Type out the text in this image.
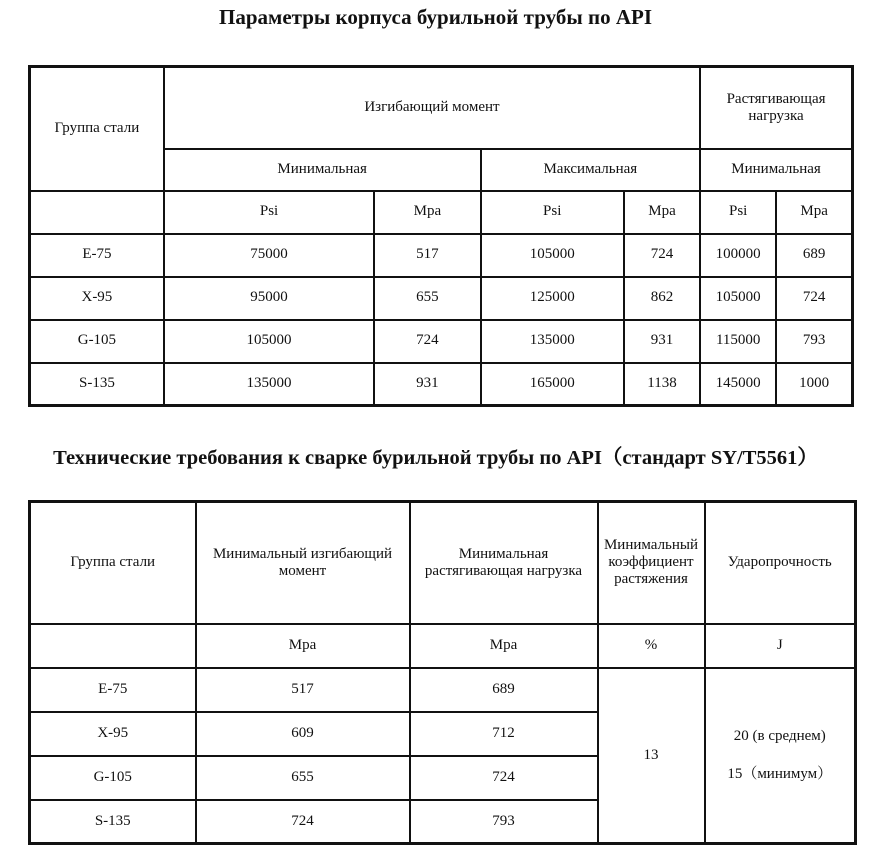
Параметры корпуса бурильной трубы по API
Группа стали	Изгибающий момент				Растягивающая нагрузка	
	Минимальная		Максимальная		Минимальная	
	Psi	Mpa	Psi	Mpa	Psi	Mpa
E-75	75000	517	105000	724	100000	689
X-95	95000	655	125000	862	105000	724
G-105	105000	724	135000	931	115000	793
S-135	135000	931	165000	1138	145000	1000
Технические требования к сварке бурильной трубы по API（стандарт SY/T5561）
Группа стали	Минимальный изгибающий момент	Минимальная растягивающая нагрузка	Минимальный коэффициент растяжения	Ударопрочность
	Mpa	Mpa	%	J
E-75	517	689	13	20 (в среднем)
15（минимум）

X-95	609	712		
G-105	655	724		
S-135	724	793		
